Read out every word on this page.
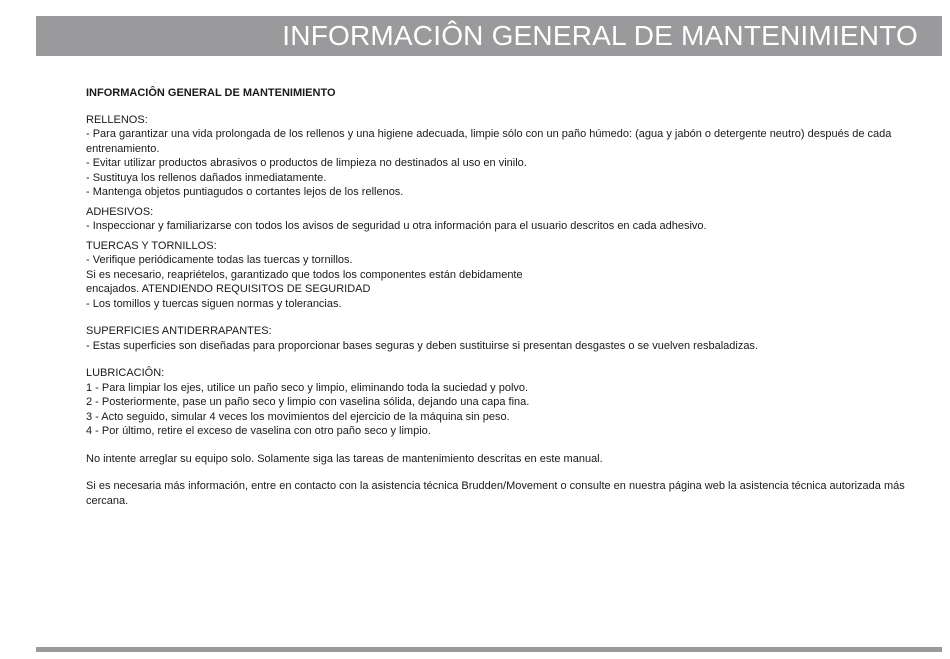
INFORMACIÔN GENERAL DE MANTENIMIENTO
INFORMACIÔN GENERAL DE MANTENIMIENTO
RELLENOS:
- Para garantizar una vida prolongada de los rellenos y una higiene adecuada, limpie sólo con un paño húmedo: (agua y jabón o detergente neutro) después de cada entrenamiento.
- Evitar utilizar productos abrasivos o productos de limpieza no destinados al uso en vinilo.
- Sustituya los rellenos dañados inmediatamente.
- Mantenga objetos puntiagudos o cortantes lejos de los rellenos.
ADHESIVOS:
- Inspeccionar y familiarizarse con todos los avisos de seguridad u otra información para el usuario descritos en cada adhesivo.
TUERCAS Y TORNILLOS:
- Verifique periódicamente todas las tuercas y tornillos.
Si es necesario, reapriételos, garantizado que todos los componentes están debidamente
encajados. ATENDIENDO REQUISITOS DE SEGURIDAD
- Los tomillos y tuercas siguen normas y tolerancias.
SUPERFICIES ANTIDERRAPANTES:
- Estas superficies son diseñadas para proporcionar bases seguras y deben sustituirse si presentan desgastes o se vuelven resbaladizas.
LUBRICACIÔN:
1 - Para limpiar los ejes, utilice un paño seco y limpio, eliminando toda la suciedad y polvo.
2 - Posteriormente, pase un paño seco y limpio con vaselina sólida, dejando una capa fina.
3 - Acto seguido, simular 4 veces los movimientos del ejercicio de la máquina sin peso.
4 - Por último, retire el exceso de vaselina con otro paño seco y limpio.
No intente arreglar su equipo solo. Solamente siga las tareas de mantenimiento descritas en este manual.
Si es necesaria más información, entre en contacto con la asistencia técnica Brudden/Movement o consulte en nuestra página web la asistencia técnica autorizada más cercana.
